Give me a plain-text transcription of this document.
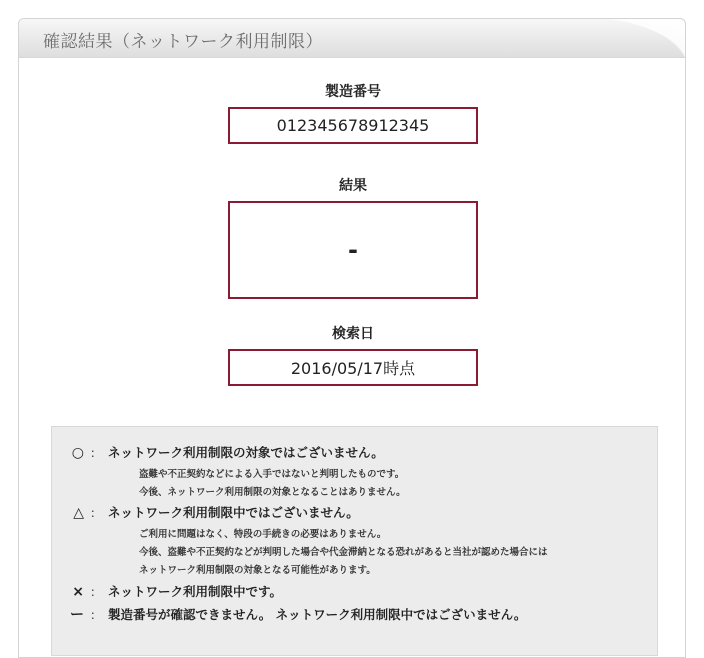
確認結果（ネットワーク利用制限）
製造番号
012345678912345
結果
-
検索日
2016/05/17時点
○ ： ネットワーク利用制限の対象ではございません。
盗難や不正契約などによる入手ではないと判明したものです。
今後、ネットワーク利用制限の対象となることはありません。
△ ： ネットワーク利用制限中ではございません。
ご利用に問題はなく、特段の手続きの必要はありません。
今後、盗難や不正契約などが判明した場合や代金滞納となる恐れがあると当社が認めた場合には
ネットワーク利用制限の対象となる可能性があります。
× ： ネットワーク利用制限中です。
ー ： 製造番号が確認できません。 ネットワーク利用制限中ではございません。
